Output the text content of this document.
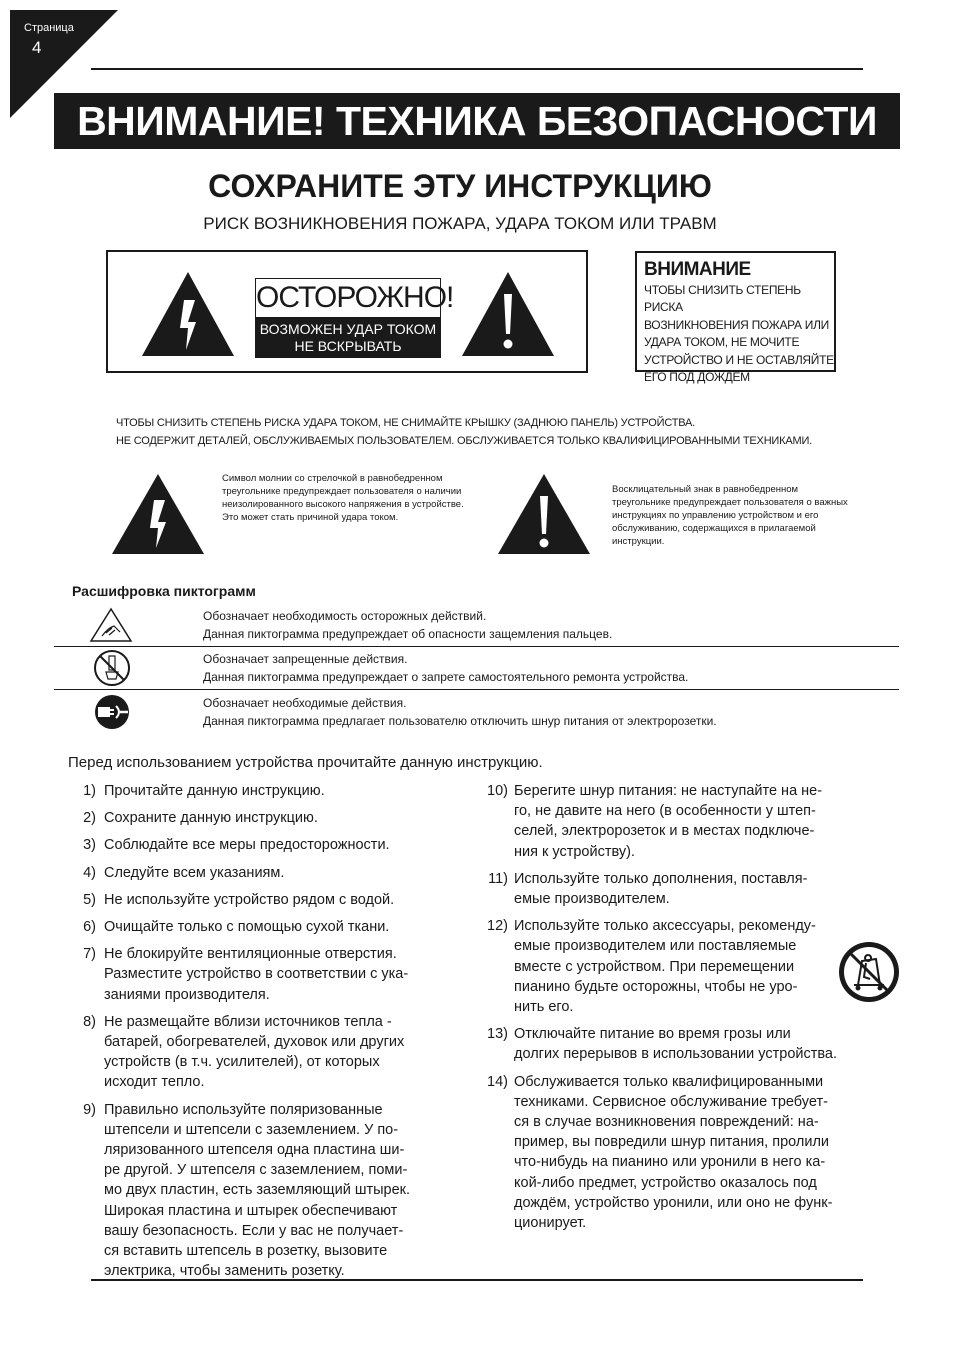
Страница
4
ВНИМАНИЕ! ТЕХНИКА БЕЗОПАСНОСТИ
СОХРАНИТЕ ЭТУ ИНСТРУКЦИЮ
РИСК ВОЗНИКНОВЕНИЯ ПОЖАРА, УДАРА ТОКОМ ИЛИ ТРАВМ
ОСТОРОЖНО!
ВОЗМОЖЕН УДАР ТОКОМ
НЕ ВСКРЫВАТЬ
ВНИМАНИЕ
ЧТОБЫ СНИЗИТЬ СТЕПЕНЬ РИСКА
ВОЗНИКНОВЕНИЯ ПОЖАРА ИЛИ
УДАРА ТОКОМ, НЕ МОЧИТЕ
УСТРОЙСТВО И НЕ ОСТАВЛЯЙТЕ
ЕГО ПОД ДОЖДЕМ
ЧТОБЫ СНИЗИТЬ СТЕПЕНЬ РИСКА УДАРА ТОКОМ, НЕ СНИМАЙТЕ КРЫШКУ (ЗАДНЮЮ ПАНЕЛЬ) УСТРОЙСТВА.
НЕ СОДЕРЖИТ ДЕТАЛЕЙ, ОБСЛУЖИВАЕМЫХ ПОЛЬЗОВАТЕЛЕМ. ОБСЛУЖИВАЕТСЯ ТОЛЬКО КВАЛИФИЦИРОВАННЫМИ ТЕХНИКАМИ.
Символ молнии со стрелочкой в равнобедренном
треугольнике предупреждает пользователя о наличии
неизолированного высокого напряжения в устройстве.
Это может стать причиной удара током.
Восклицательный знак в равнобедренном
треугольнике предупреждает пользователя о важных
инструкциях по управлению устройством и его
обслуживанию, содержащихся в прилагаемой
инструкции.
Расшифровка пиктограмм
Обозначает необходимость осторожных действий.
Данная пиктограмма предупреждает об опасности защемления пальцев.
Обозначает запрещенные действия.
Данная пиктограмма предупреждает о запрете самостоятельного ремонта устройства.
Обозначает необходимые действия.
Данная пиктограмма предлагает пользователю отключить шнур питания от электророзетки.
Перед использованием устройства прочитайте данную инструкцию.
1) Прочитайте данную инструкцию.
2) Сохраните данную инструкцию.
3) Соблюдайте все меры предосторожности.
4) Следуйте всем указаниям.
5) Не используйте устройство рядом с водой.
6) Очищайте только с помощью сухой ткани.
7) Не блокируйте вентиляционные отверстия.
Разместите устройство в соответствии с ука-
заниями производителя.
8) Не размещайте вблизи источников тепла -
батарей, обогревателей, духовок или других
устройств (в т.ч. усилителей), от которых
исходит тепло.
9) Правильно используйте поляризованные
штепсели и штепсели с заземлением. У по-
ляризованного штепселя одна пластина ши-
ре другой. У штепселя с заземлением, поми-
мо двух пластин, есть заземляющий штырек.
Широкая пластина и штырек обеспечивают
вашу безопасность. Если у вас не получает-
ся вставить штепсель в розетку, вызовите
электрика, чтобы заменить розетку.
10) Берегите шнур питания: не наступайте на не-
го, не давите на него (в особенности у штеп-
селей, электророзеток и в местах подключе-
ния к устройству).
11) Используйте только дополнения, поставля-
емые производителем.
12) Используйте только аксессуары, рекоменду-
емые производителем или поставляемые
вместе с устройством. При перемещении
пианино будьте осторожны, чтобы не уро-
нить его.
13) Отключайте питание во время грозы или
долгих перерывов в использовании устройства.
14) Обслуживается только квалифицированными
техниками. Сервисное обслуживание требует-
ся в случае возникновения повреждений: на-
пример, вы повредили шнур питания, пролили
что-нибудь на пианино или уронили в него ка-
кой-либо предмет, устройство оказалось под
дождём, устройство уронили, или оно не функ-
ционирует.
